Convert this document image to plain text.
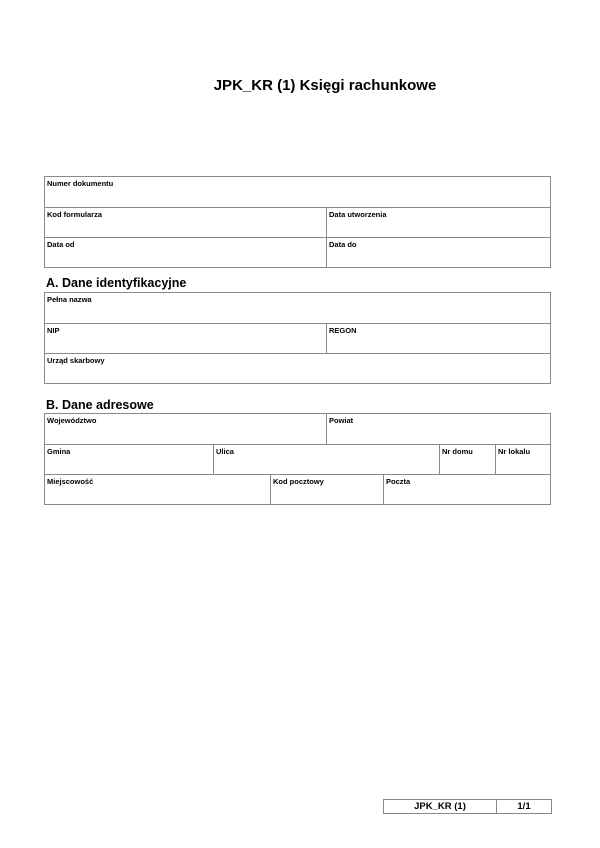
JPK_KR (1) Księgi rachunkowe
Numer dokumentu
Kod formularza	Data utworzenia
Data od	Data do
A. Dane identyfikacyjne
Pełna nazwa
NIP	REGON
Urząd skarbowy
B. Dane adresowe
Województwo	Powiat
Gmina	Ulica	Nr domu	Nr lokalu
Miejscowość	Kod pocztowy	Poczta
JPK_KR (1)	1/1
